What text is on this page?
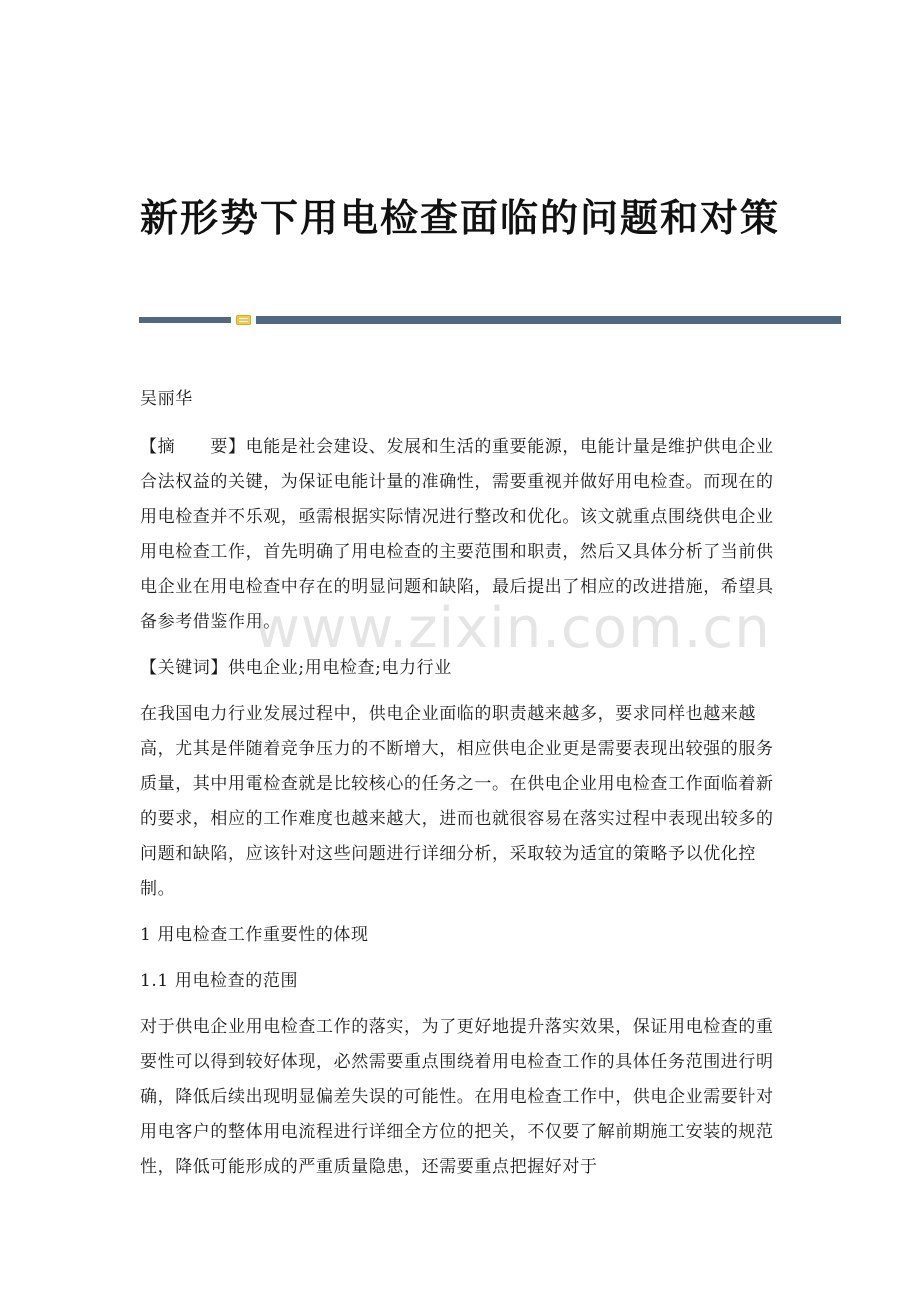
新形势下用电检查面临的问题和对策

吴丽华

【摘　　要】电能是社会建设、发展和生活的重要能源，电能计量是维护供电企业合法权益的关键，为保证电能计量的准确性，需要重视并做好用电检查。而现在的用电检查并不乐观，亟需根据实际情况进行整改和优化。该文就重点围绕供电企业用电检查工作，首先明确了用电检查的主要范围和职责，然后又具体分析了当前供电企业在用电检查中存在的明显问题和缺陷，最后提出了相应的改进措施，希望具备参考借鉴作用。

【关键词】供电企业;用电检查;电力行业

在我国电力行业发展过程中，供电企业面临的职责越来越多，要求同样也越来越高，尤其是伴随着竞争压力的不断增大，相应供电企业更是需要表现出较强的服务质量，其中用電检查就是比较核心的任务之一。在供电企业用电检查工作面临着新的要求，相应的工作难度也越来越大，进而也就很容易在落实过程中表现出较多的问题和缺陷，应该针对这些问题进行详细分析，采取较为适宜的策略予以优化控制。

1 用电检查工作重要性的体现

1.1 用电检查的范围

对于供电企业用电检查工作的落实，为了更好地提升落实效果，保证用电检查的重要性可以得到较好体现，必然需要重点围绕着用电检查工作的具体任务范围进行明确，降低后续出现明显偏差失误的可能性。在用电检查工作中，供电企业需要针对用电客户的整体用电流程进行详细全方位的把关，不仅要了解前期施工安装的规范性，降低可能形成的严重质量隐患，还需要重点把握好对于

www.zixin.com.cn
